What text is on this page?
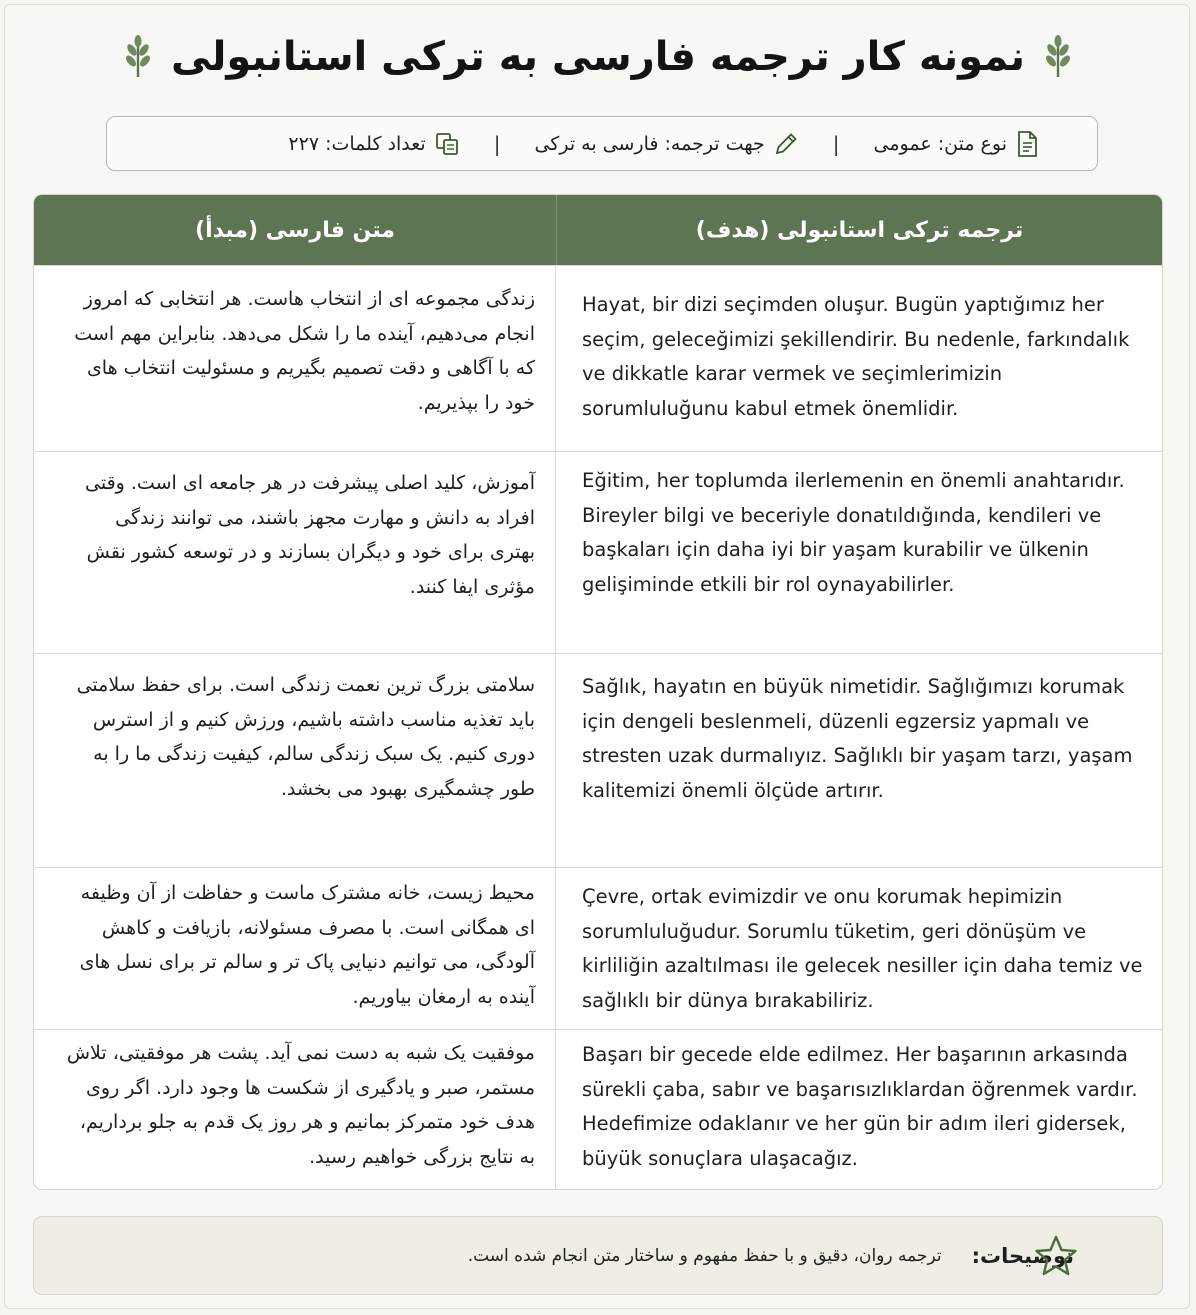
نمونه کار ترجمه فارسی به ترکی استانبولی
نوع متن: عمومی
|
جهت ترجمه: فارسی به ترکی
|
تعداد کلمات: ۲۲۷
متن فارسی (مبدأ)	ترجمه ترکی استانبولی (هدف)
زندگی مجموعه ای از انتخاب هاست. هر انتخابی که امروز انجام می‌دهیم، آینده ما را شکل می‌دهد. بنابراین مهم است که با آگاهی و دقت تصمیم بگیریم و مسئولیت انتخاب های خود را بپذیریم.
Hayat, bir dizi seçimden oluşur. Bugün yaptığımız her seçim, geleceğimizi şekillendirir. Bu nedenle, farkındalık ve dikkatle karar vermek ve seçimlerimizin sorumluluğunu kabul etmek önemlidir.
آموزش، کلید اصلی پیشرفت در هر جامعه ای است. وقتی افراد به دانش و مهارت مجهز باشند، می توانند زندگی بهتری برای خود و دیگران بسازند و در توسعه کشور نقش مؤثری ایفا کنند.
Eğitim, her toplumda ilerlemenin en önemli anahtarıdır. Bireyler bilgi ve beceriyle donatıldığında, kendileri ve başkaları için daha iyi bir yaşam kurabilir ve ülkenin gelişiminde etkili bir rol oynayabilirler.
سلامتی بزرگ ترین نعمت زندگی است. برای حفظ سلامتی باید تغذیه مناسب داشته باشیم، ورزش کنیم و از استرس دوری کنیم. یک سبک زندگی سالم، کیفیت زندگی ما را به طور چشمگیری بهبود می بخشد.
Sağlık, hayatın en büyük nimetidir. Sağlığımızı korumak için dengeli beslenmeli, düzenli egzersiz yapmalı ve stresten uzak durmalıyız. Sağlıklı bir yaşam tarzı, yaşam kalitemizi önemli ölçüde artırır.
محیط زیست، خانه مشترک ماست و حفاظت از آن وظیفه ای همگانی است. با مصرف مسئولانه، بازیافت و کاهش آلودگی، می توانیم دنیایی پاک تر و سالم تر برای نسل های آینده به ارمغان بیاوریم.
Çevre, ortak evimizdir ve onu korumak hepimizin sorumluluğudur. Sorumlu tüketim, geri dönüşüm ve kirliliğin azaltılması ile gelecek nesiller için daha temiz ve sağlıklı bir dünya bırakabiliriz.
موفقیت یک شبه به دست نمی آید. پشت هر موفقیتی، تلاش مستمر، صبر و یادگیری از شکست ها وجود دارد. اگر روی هدف خود متمرکز بمانیم و هر روز یک قدم به جلو برداریم، به نتایج بزرگی خواهیم رسید.
Başarı bir gecede elde edilmez. Her başarının arkasında sürekli çaba, sabır ve başarısızlıklardan öğrenmek vardır. Hedefimize odaklanır ve her gün bir adım ileri gidersek, büyük sonuçlara ulaşacağız.
توضیحات:
ترجمه روان، دقیق و با حفظ مفهوم و ساختار متن انجام شده است.
